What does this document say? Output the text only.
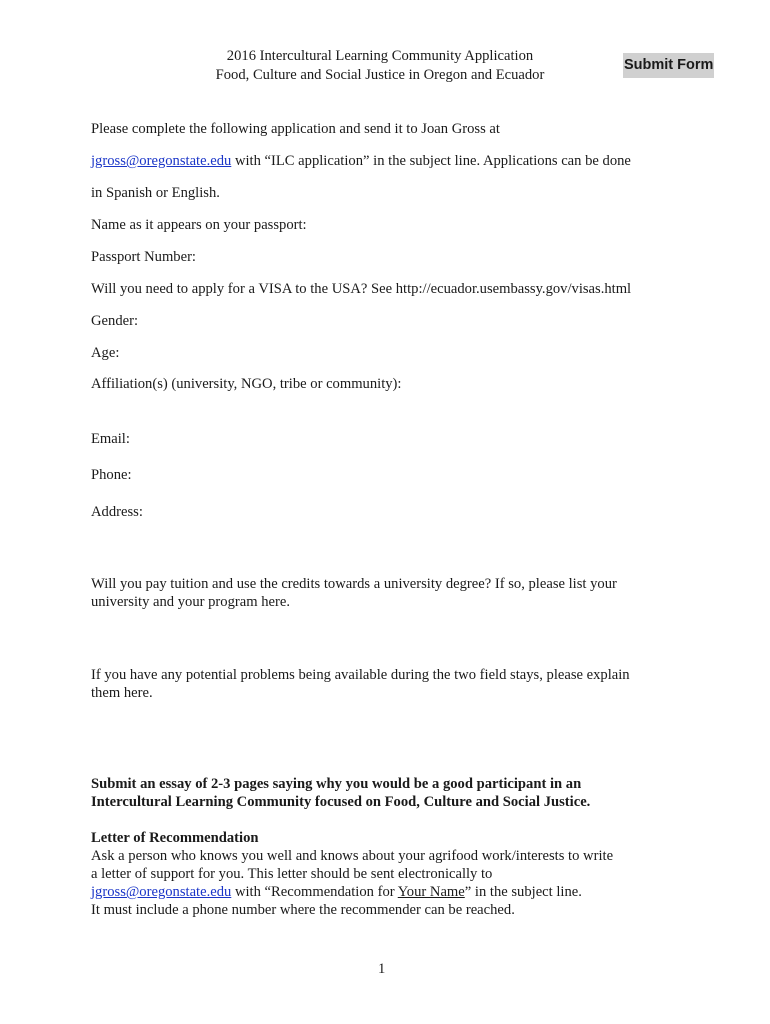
2016 Intercultural Learning Community Application
Food, Culture and Social Justice in Oregon and Ecuador
Submit Form
Please complete the following application and send it to Joan Gross at
jgross@oregonstate.edu with “ILC application” in the subject line. Applications can be done
in Spanish or English.
Name as it appears on your passport:
Passport Number:
Will you need to apply for a VISA to the USA? See http://ecuador.usembassy.gov/visas.html
Gender:
Age:
Affiliation(s) (university, NGO, tribe or community):
Email:
Phone:
Address:
Will you pay tuition and use the credits towards a university degree? If so, please list your
university and your program here.
If you have any potential problems being available during the two field stays, please explain
them here.
Submit an essay of 2-3 pages saying why you would be a good participant in an
Intercultural Learning Community focused on Food, Culture and Social Justice.
Letter of Recommendation
Ask a person who knows you well and knows about your agrifood work/interests to write
a letter of support for you. This letter should be sent electronically to
jgross@oregonstate.edu with “Recommendation for Your Name” in the subject line.
It must include a phone number where the recommender can be reached.
1
